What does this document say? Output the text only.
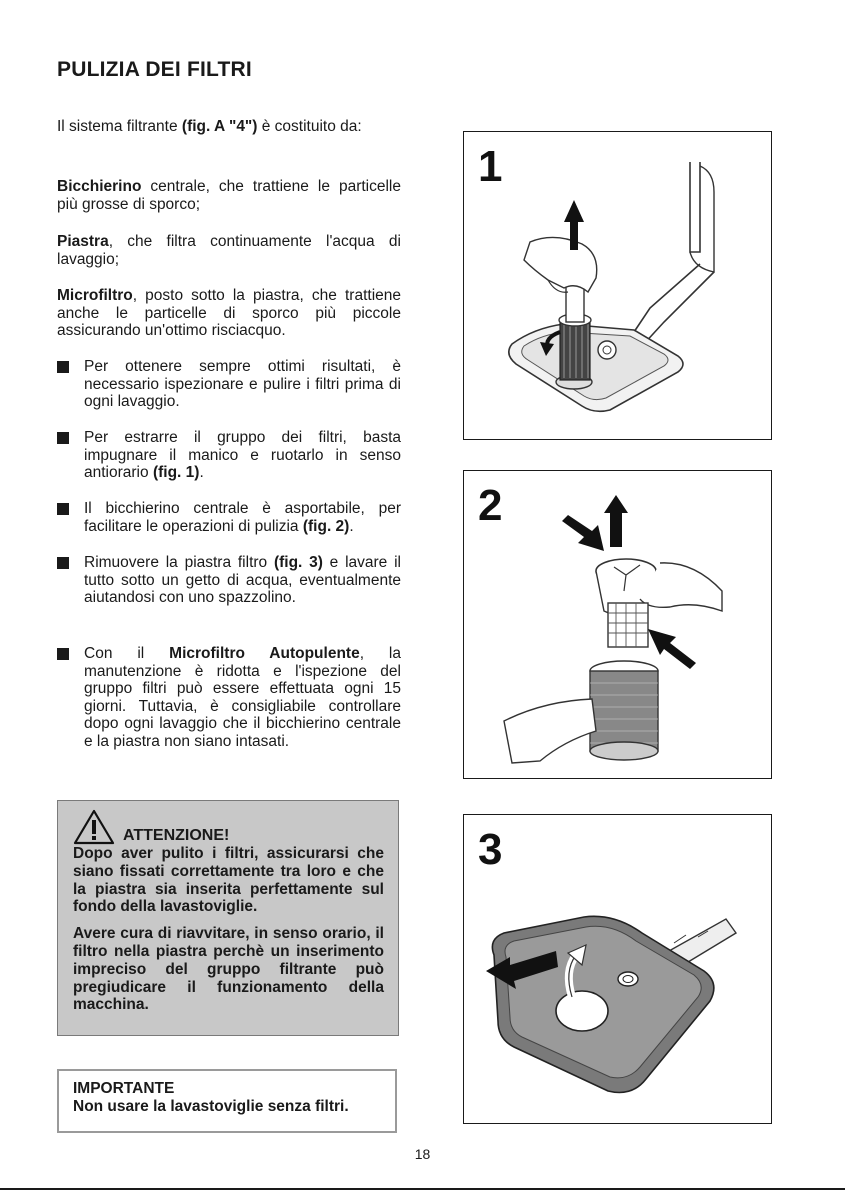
PULIZIA DEI FILTRI
Il sistema filtrante (fig. A "4") è costituito da:
Bicchierino centrale, che trattiene le particelle più grosse di sporco;
Piastra, che filtra continuamente l'acqua di lavaggio;
Microfiltro, posto sotto la piastra, che trattiene anche le particelle di sporco più piccole assicurando un'ottimo risciacquo.
Per ottenere sempre ottimi risultati, è necessario ispezionare e pulire i filtri prima di ogni lavaggio.
Per estrarre il gruppo dei filtri, basta impugnare il manico e ruotarlo in senso antiorario (fig. 1).
Il bicchierino centrale è asportabile, per facilitare le operazioni di pulizia (fig. 2).
Rimuovere la piastra filtro (fig. 3) e lavare il tutto sotto un getto di acqua, eventualmente aiutandosi con uno spazzolino.
Con il Microfiltro Autopulente, la manutenzione è ridotta e l'ispezione del gruppo filtri può essere effettuata ogni 15 giorni. Tuttavia, è consigliabile controllare dopo ogni lavaggio che il bicchierino centrale e la piastra non siano intasati.
ATTENZIONE!

Dopo aver pulito i filtri, assicurarsi che siano fissati correttamente tra loro e che la piastra sia inserita perfettamente sul fondo della lavastoviglie.

Avere cura di riavvitare, in senso orario, il filtro nella piastra perchè un inserimento impreciso del gruppo filtrante può pregiudicare il funzionamento della macchina.

IMPORTANTE
Non usare la lavastoviglie senza filtri.
1
2
3
18
